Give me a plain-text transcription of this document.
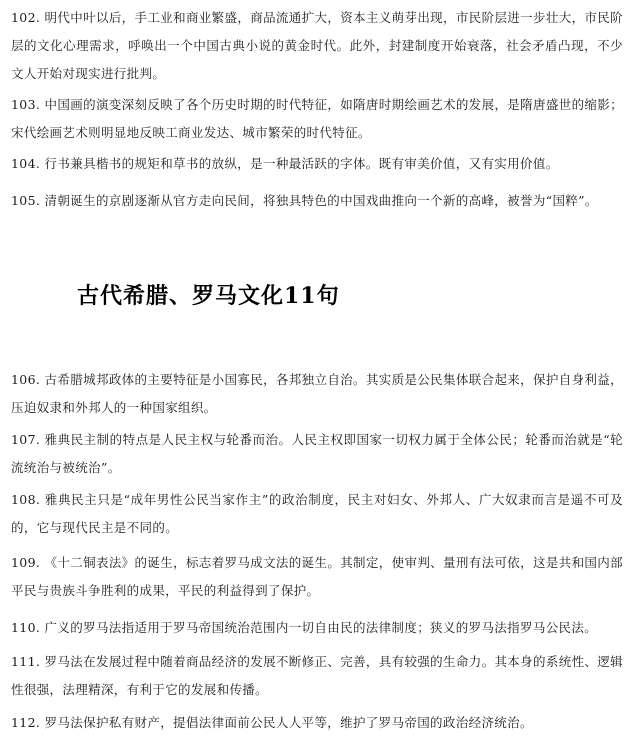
102. 明代中叶以后，手工业和商业繁盛，商品流通扩大，资本主义萌芽出现，市民阶层进一步壮大，市民阶层的文化心理需求，呼唤出一个中国古典小说的黄金时代。此外，封建制度开始衰落，社会矛盾凸现，不少文人开始对现实进行批判。

103. 中国画的演变深刻反映了各个历史时期的时代特征，如隋唐时期绘画艺术的发展，是隋唐盛世的缩影；宋代绘画艺术则明显地反映工商业发达、城市繁荣的时代特征。

104. 行书兼具楷书的规矩和草书的放纵，是一种最活跃的字体。既有审美价值，又有实用价值。

105. 清朝诞生的京剧逐渐从官方走向民间，将独具特色的中国戏曲推向一个新的高峰，被誉为“国粹”。

古代希腊、罗马文化11句

106. 古希腊城邦政体的主要特征是小国寡民，各邦独立自治。其实质是公民集体联合起来，保护自身利益，压迫奴隶和外邦人的一种国家组织。

107. 雅典民主制的特点是人民主权与轮番而治。人民主权即国家一切权力属于全体公民；轮番而治就是“轮流统治与被统治”。

108. 雅典民主只是“成年男性公民当家作主”的政治制度，民主对妇女、外邦人、广大奴隶而言是遥不可及的，它与现代民主是不同的。

109. 《十二铜表法》的诞生，标志着罗马成文法的诞生。其制定，使审判、量刑有法可依，这是共和国内部平民与贵族斗争胜利的成果，平民的利益得到了保护。

110. 广义的罗马法指适用于罗马帝国统治范围内一切自由民的法律制度；狭义的罗马法指罗马公民法。

111. 罗马法在发展过程中随着商品经济的发展不断修正、完善，具有较强的生命力。其本身的系统性、逻辑性很强，法理精深，有利于它的发展和传播。

112. 罗马法保护私有财产，提倡法律面前公民人人平等，维护了罗马帝国的政治经济统治。
